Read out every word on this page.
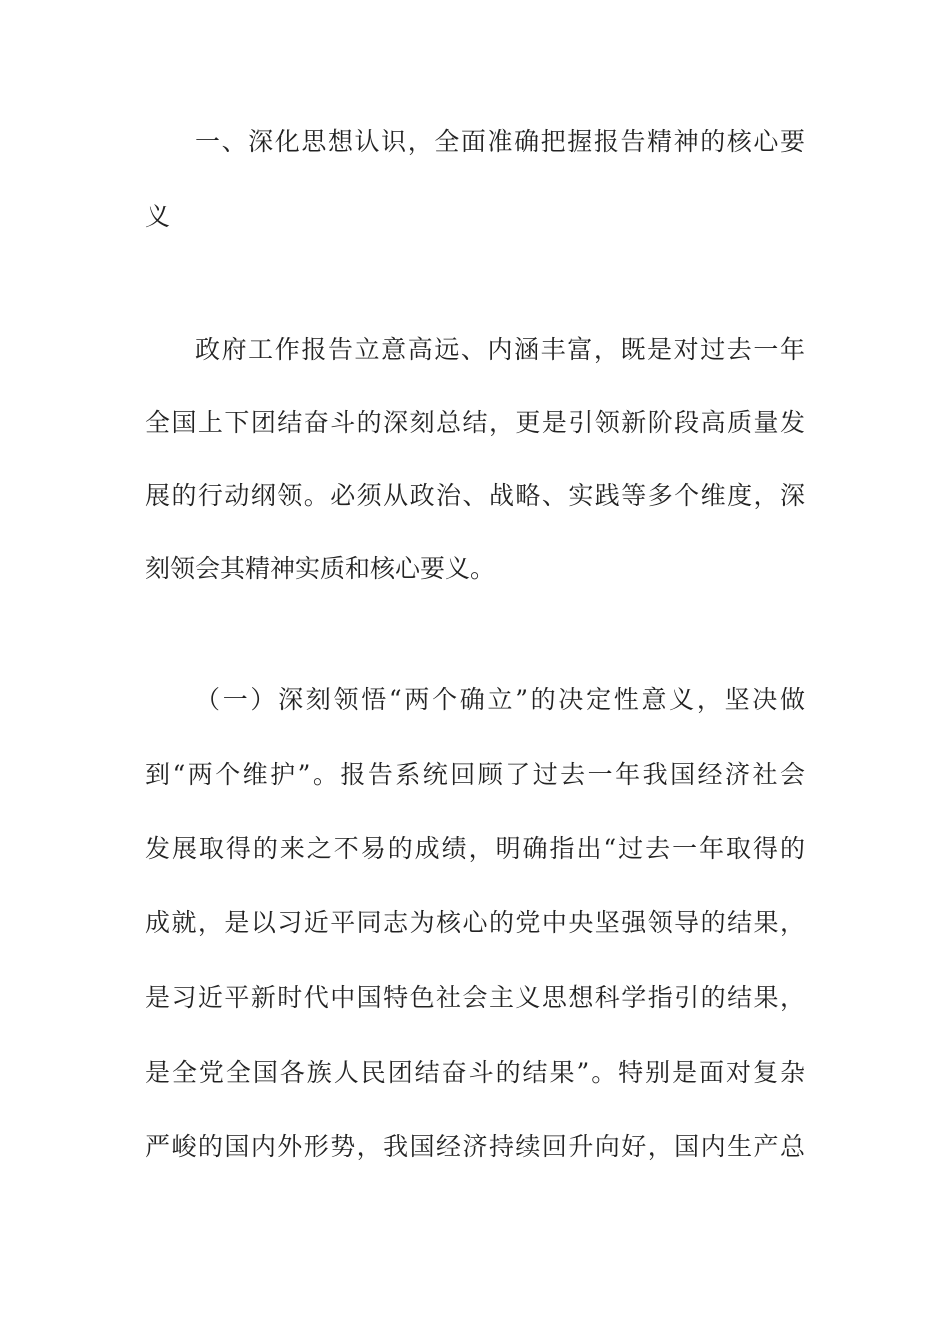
一、深化思想认识，全面准确把握报告精神的核心要
义
政府工作报告立意高远、内涵丰富，既是对过去一年
全国上下团结奋斗的深刻总结，更是引领新阶段高质量发
展的行动纲领。必须从政治、战略、实践等多个维度，深
刻领会其精神实质和核心要义。
（一）深刻领悟“两个确立”的决定性意义，坚决做
到“两个维护”。报告系统回顾了过去一年我国经济社会
发展取得的来之不易的成绩，明确指出“过去一年取得的
成就，是以习近平同志为核心的党中央坚强领导的结果，
是习近平新时代中国特色社会主义思想科学指引的结果，
是全党全国各族人民团结奋斗的结果”。特别是面对复杂
严峻的国内外形势，我国经济持续回升向好，国内生产总
